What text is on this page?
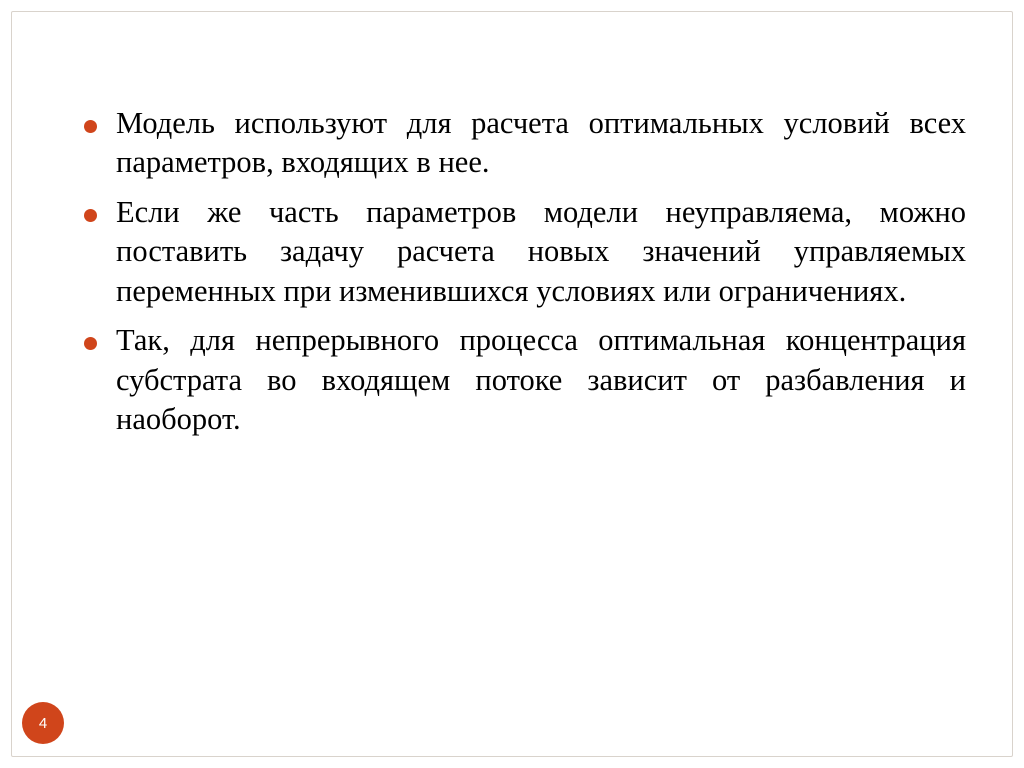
Модель используют для расчета оптимальных условий всех параметров, входящих в нее.
Если же часть параметров модели неуправляема, можно поставить задачу расчета новых значений управляемых переменных при изменившихся условиях или ограничениях.
Так, для непрерывного процесса оптимальная концентрация субстрата во входящем потоке зависит от разбавления и наоборот.
4
